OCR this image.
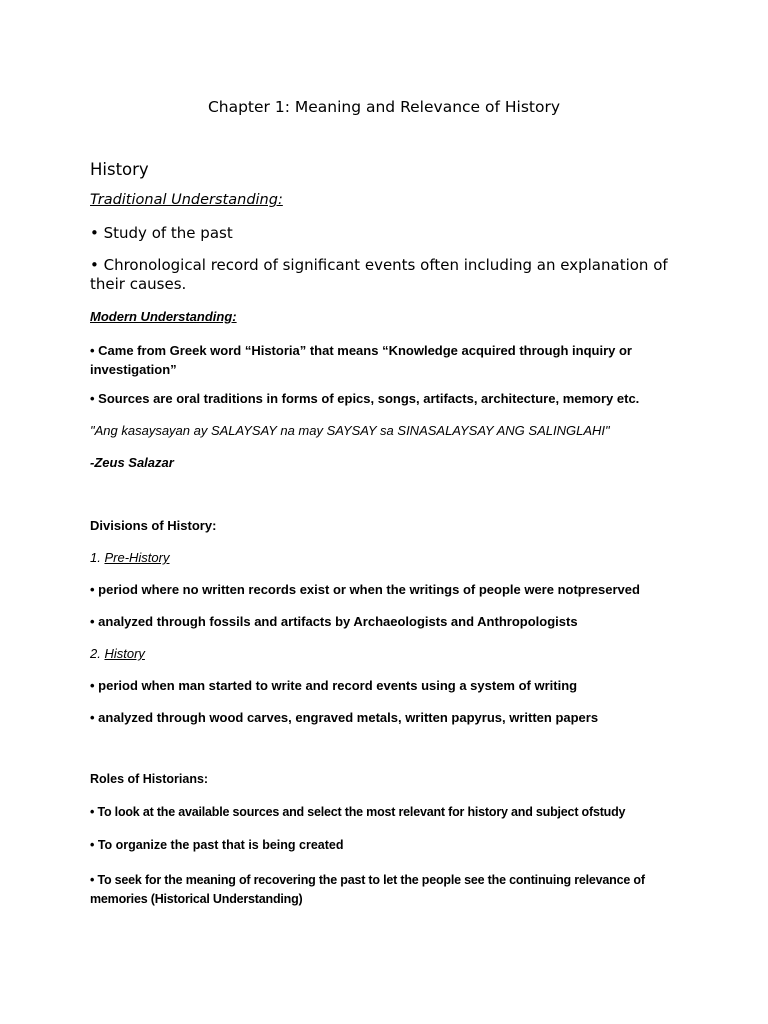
Chapter 1: Meaning and Relevance of History
History
Traditional Understanding:
• Study of the past
• Chronological record of significant events often including an explanation of their causes.
Modern Understanding:
• Came from Greek word “Historia” that means “Knowledge acquired through inquiry or investigation”
• Sources are oral traditions in forms of epics, songs, artifacts, architecture, memory etc.
"Ang kasaysayan ay SALAYSAY na may SAYSAY sa SINASALAYSAY ANG SALINGLAHI"
-Zeus Salazar
Divisions of History:
1. Pre-History
• period where no written records exist or when the writings of people were notpreserved
• analyzed through fossils and artifacts by Archaeologists and Anthropologists
2. History
• period when man started to write and record events using a system of writing
• analyzed through wood carves, engraved metals, written papyrus, written papers
Roles of Historians:
• To look at the available sources and select the most relevant for history and subject ofstudy
• To organize the past that is being created
• To seek for the meaning of recovering the past to let the people see the continuing relevance of memories (Historical Understanding)
